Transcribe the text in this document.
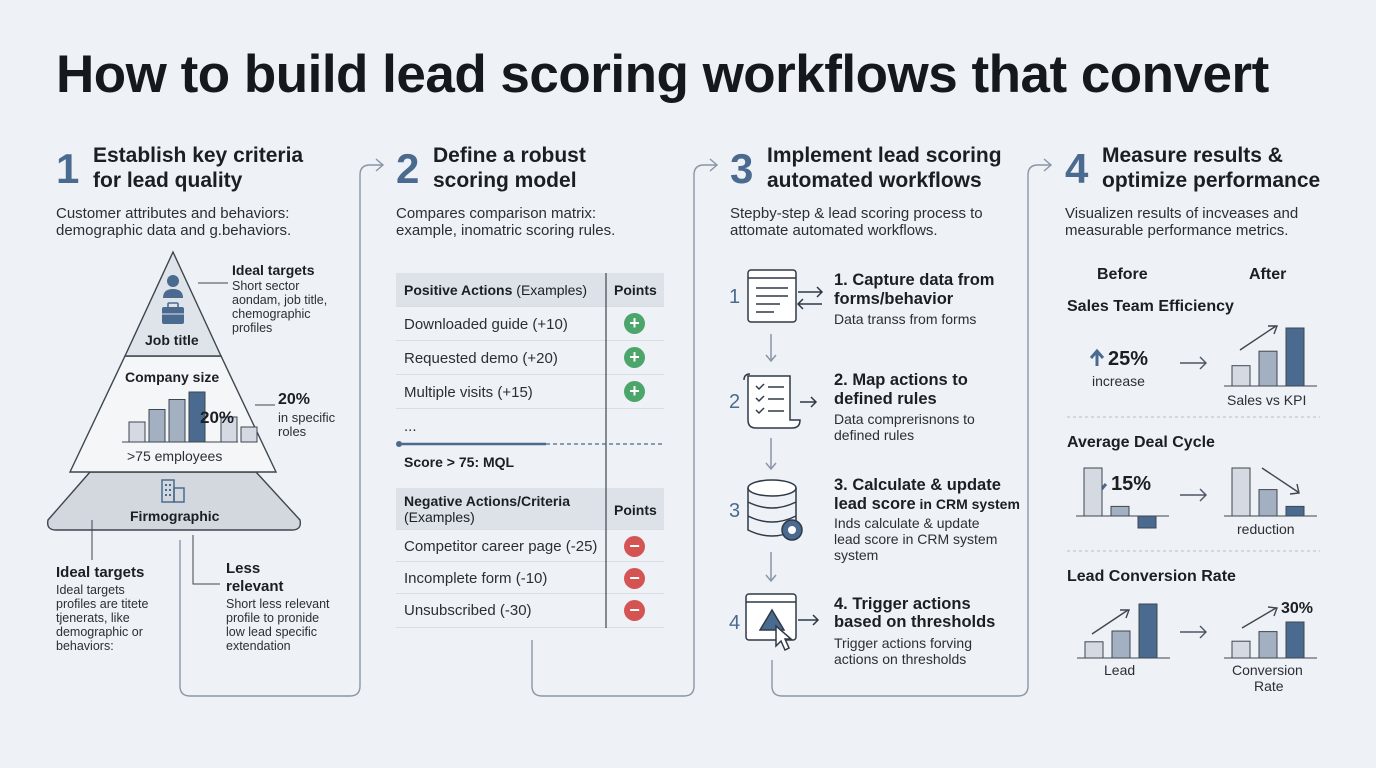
How to build lead scoring workflows that convert
1 Establish key criteria
for lead quality
Customer attributes and behaviors:
demographic data and g.behaviors.
Job title
Company size
20%
>75 employees
Firmographic
Ideal targets
Short sector
aondam, job title,
chemographic
profiles
20%
in specific
roles
Ideal targets
Ideal targets
profiles are titete
tjenerats, like
demographic or
behaviors:
Less
relevant
Short less relevant
profile to pronide
low lead specific
extendation
2 Define a robust
scoring model
Compares comparison matrix:
example, inomatric scoring rules.
Positive Actions (Examples) Points
Downloaded guide (+10)	+
Requested demo (+20)	+
Multiple visits (+15)	+
...
Score > 75: MQL
Negative Actions/Criteria
(Examples)	Points
Competitor career page (-25) −
Incomplete form (-10)	−
Unsubscribed (-30)	−
3 Implement lead scoring
automated workflows
Stepby-step & lead scoring process to
attomate automated workflows.
1
1. Capture data from
forms/behavior
Data transs from forms
2
2. Map actions to
defined rules
Data comprerisnons to
defined rules
3
3. Calculate & update
lead score in CRM system
Inds calculate & update
lead score in CRM system
system
4
4. Trigger actions
based on thresholds
Trigger actions forving
actions on thresholds
4 Measure results &
optimize performance
Visualizen results of incveases and
measurable performance metrics.
Before	After
Sales Team Efficiency
25%
increase
Sales vs KPI
Average Deal Cycle
15%
reduction
Lead Conversion Rate
30%
Lead	Conversion
Rate
